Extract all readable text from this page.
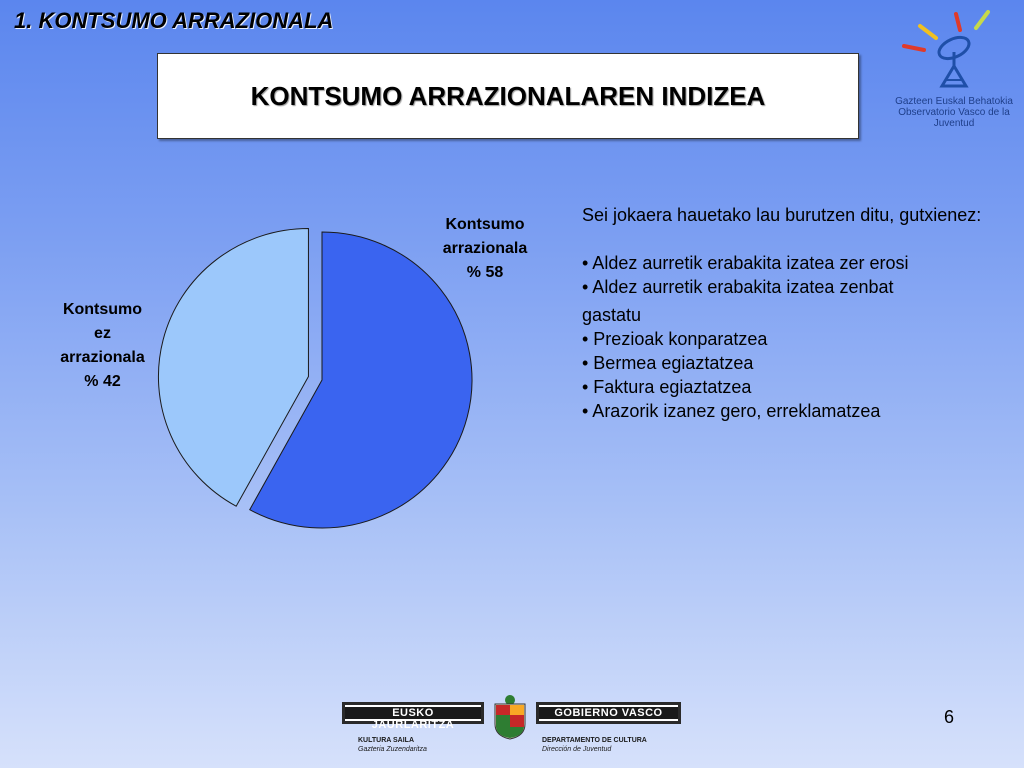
1. KONTSUMO ARRAZIONALA
KONTSUMO ARRAZIONALAREN INDIZEA	Gazteen Euskal Behatokia
Observatorio Vasco de la Juventud
Kontsumo
arrazionala
% 58
Kontsumo
ez
arrazionala
% 42

Sei jokaera hauetako lau burutzen ditu, gutxienez:

• Aldez aurretik erabakita izatea zer erosi
• Aldez aurretik erabakita izatea zenbat
gastatu
• Prezioak konparatzea
• Bermea egiaztatzea
• Faktura egiaztatzea
• Arazorik izanez gero, erreklamatzea
EUSKO JAURLARITZA
GOBIERNO VASCO
KULTURA SAILA
Gazteria Zuzendaritza
DEPARTAMENTO DE CULTURA
Dirección de Juventud
6
